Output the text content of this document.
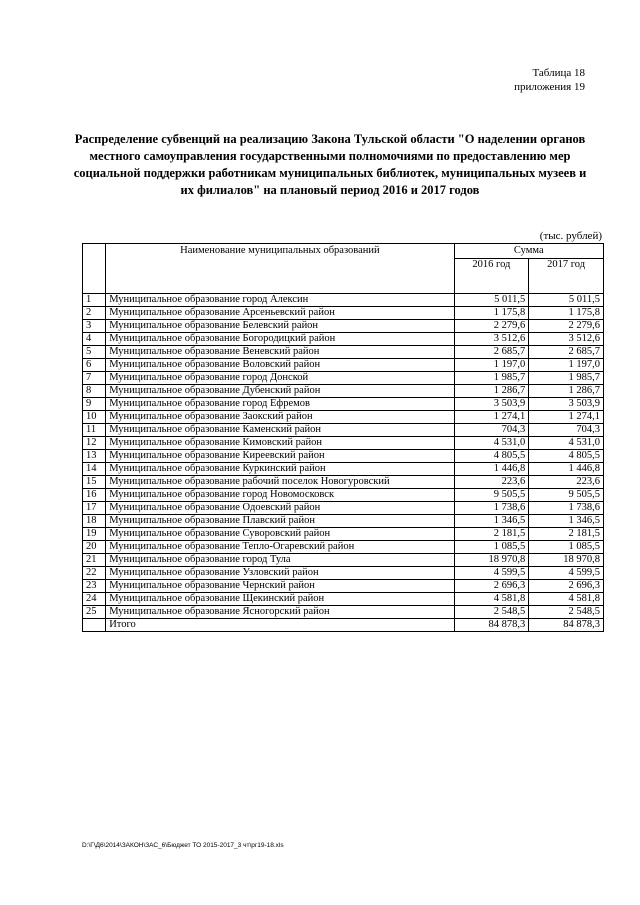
Таблица 18
приложения 19
Распределение субвенций на реализацию Закона Тульской области "О наделении органов
местного самоуправления государственными полномочиями по предоставлению мер
социальной поддержки работникам муниципальных библиотек, муниципальных музеев и
их филиалов" на плановый период 2016 и 2017 годов
(тыс. рублей)
	Наименование муниципальных образований	Сумма	
		2016 год	2017 год
1	Муниципальное образование город Алексин	5 011,5	5 011,5
2	Муниципальное образование Арсеньевский район	1 175,8	1 175,8
3	Муниципальное образование Белевский район	2 279,6	2 279,6
4	Муниципальное образование Богородицкий район	3 512,6	3 512,6
5	Муниципальное образование Веневский район	2 685,7	2 685,7
6	Муниципальное образование Воловский район	1 197,0	1 197,0
7	Муниципальное образование город Донской	1 985,7	1 985,7
8	Муниципальное образование Дубенский район	1 286,7	1 286,7
9	Муниципальное образование город Ефремов	3 503,9	3 503,9
10	Муниципальное образование Заокский район	1 274,1	1 274,1
11	Муниципальное образование Каменский район	704,3	704,3
12	Муниципальное образование Кимовский район	4 531,0	4 531,0
13	Муниципальное образование Киреевский район	4 805,5	4 805,5
14	Муниципальное образование Куркинский район	1 446,8	1 446,8
15	Муниципальное образование рабочий поселок Новогуровский	223,6	223,6
16	Муниципальное образование город Новомосковск	9 505,5	9 505,5
17	Муниципальное образование Одоевский район	1 738,6	1 738,6
18	Муниципальное образование Плавский район	1 346,5	1 346,5
19	Муниципальное образование Суворовский район	2 181,5	2 181,5
20	Муниципальное образование Тепло-Огаревский район	1 085,5	1 085,5
21	Муниципальное образование город Тула	18 970,8	18 970,8
22	Муниципальное образование Узловский район	4 599,5	4 599,5
23	Муниципальное образование Чернский район	2 696,3	2 696,3
24	Муниципальное образование Щекинский район	4 581,8	4 581,8
25	Муниципальное образование Ясногорский район	2 548,5	2 548,5
	Итого	84 878,3	84 878,3
D:\Г\Д6\2014\ЗАКОН\ЗАС_6\Бюджет ТО 2015-2017_3 чт\рг19-18.xls
